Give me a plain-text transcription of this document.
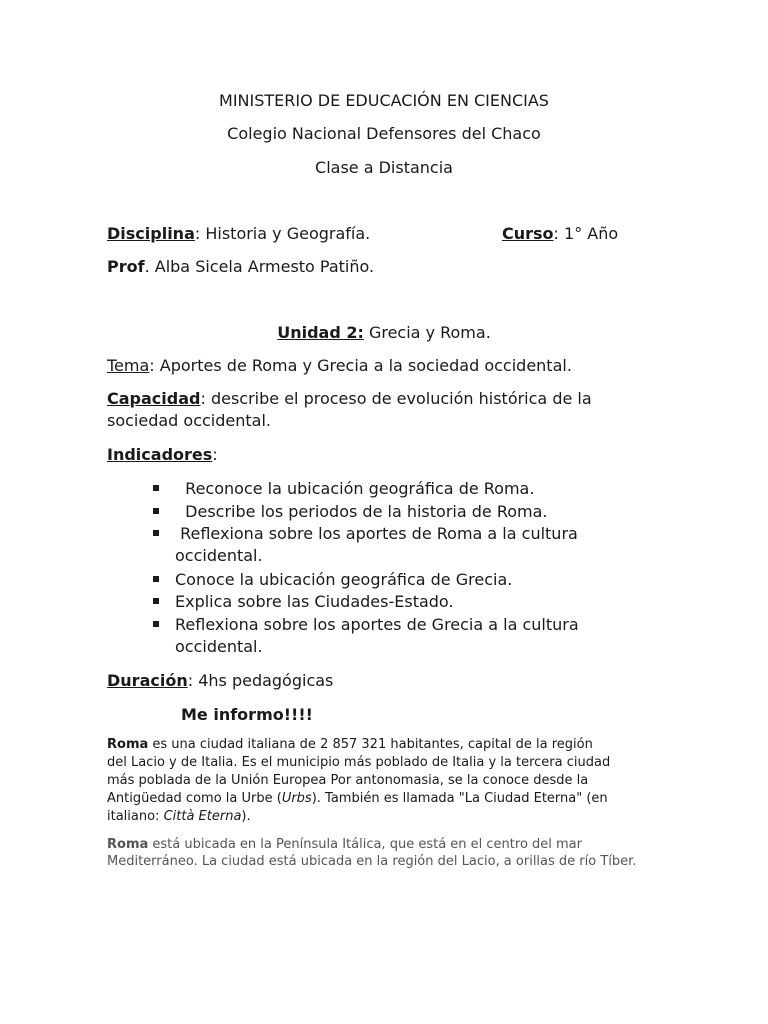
MINISTERIO DE EDUCACIÓN EN CIENCIAS
Colegio Nacional Defensores del Chaco
Clase a Distancia
Disciplina: Historia y Geografía.	Curso: 1° Año
Prof. Alba Sicela Armesto Patiño.
Unidad 2: Grecia y Roma.
Tema: Aportes de Roma y Grecia a la sociedad occidental.
Capacidad: describe el proceso de evolución histórica de la
sociedad occidental.
Indicadores:
Reconoce la ubicación geográfica de Roma.
Describe los periodos de la historia de Roma.
Reflexiona sobre los aportes de Roma a la cultura
occidental.
Conoce la ubicación geográfica de Grecia.
Explica sobre las Ciudades-Estado.
Reflexiona sobre los aportes de Grecia a la cultura
occidental.
Duración: 4hs pedagógicas
Me informo!!!!
Roma es una ciudad italiana de 2 857 321 habitantes, capital de la región
del Lacio y de Italia. Es el municipio más poblado de Italia y la tercera ciudad
más poblada de la Unión Europea Por antonomasia, se la conoce desde la
Antigüedad como la Urbe (Urbs). También es llamada "La Ciudad Eterna" (en
italiano: Città Eterna).
Roma está ubicada en la Península Itálica, que está en el centro del mar
Mediterráneo. La ciudad está ubicada en la región del Lacio, a orillas de río Tíber.
